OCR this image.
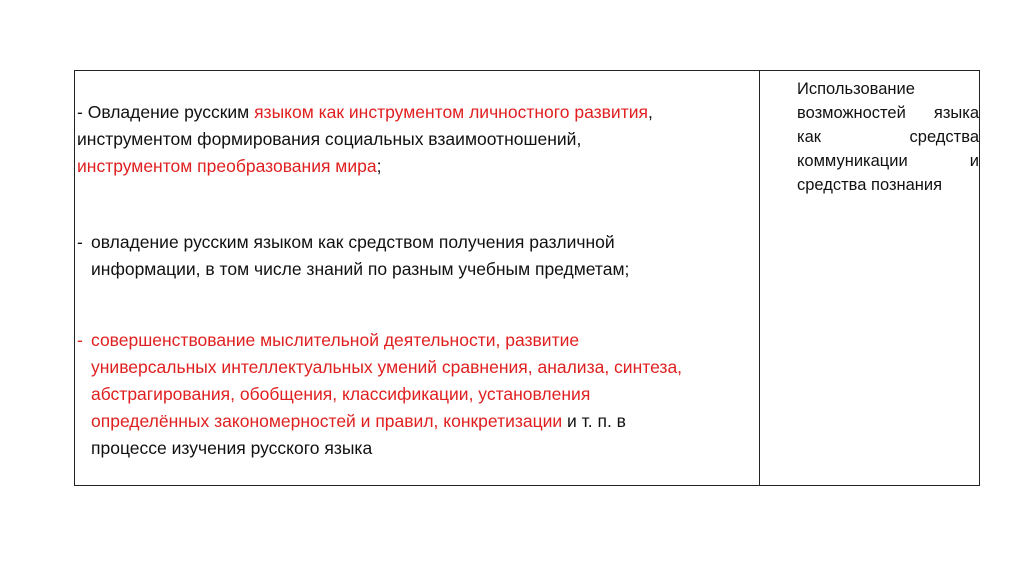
- Овладение русским языком как инструментом личностного развития,
инструментом формирования социальных взаимоотношений,
инструментом преобразования мира;
- овладение русским языком как средством получения различной
информации, в том числе знаний по разным учебным предметам;
- совершенствование мыслительной деятельности, развитие
универсальных интеллектуальных умений сравнения, анализа, синтеза,
абстрагирования, обобщения, классификации, установления
определённых закономерностей и правил, конкретизации и т. п. в
процессе изучения русского языка

Использование возможностей языка как средства коммуникации и средства познания
